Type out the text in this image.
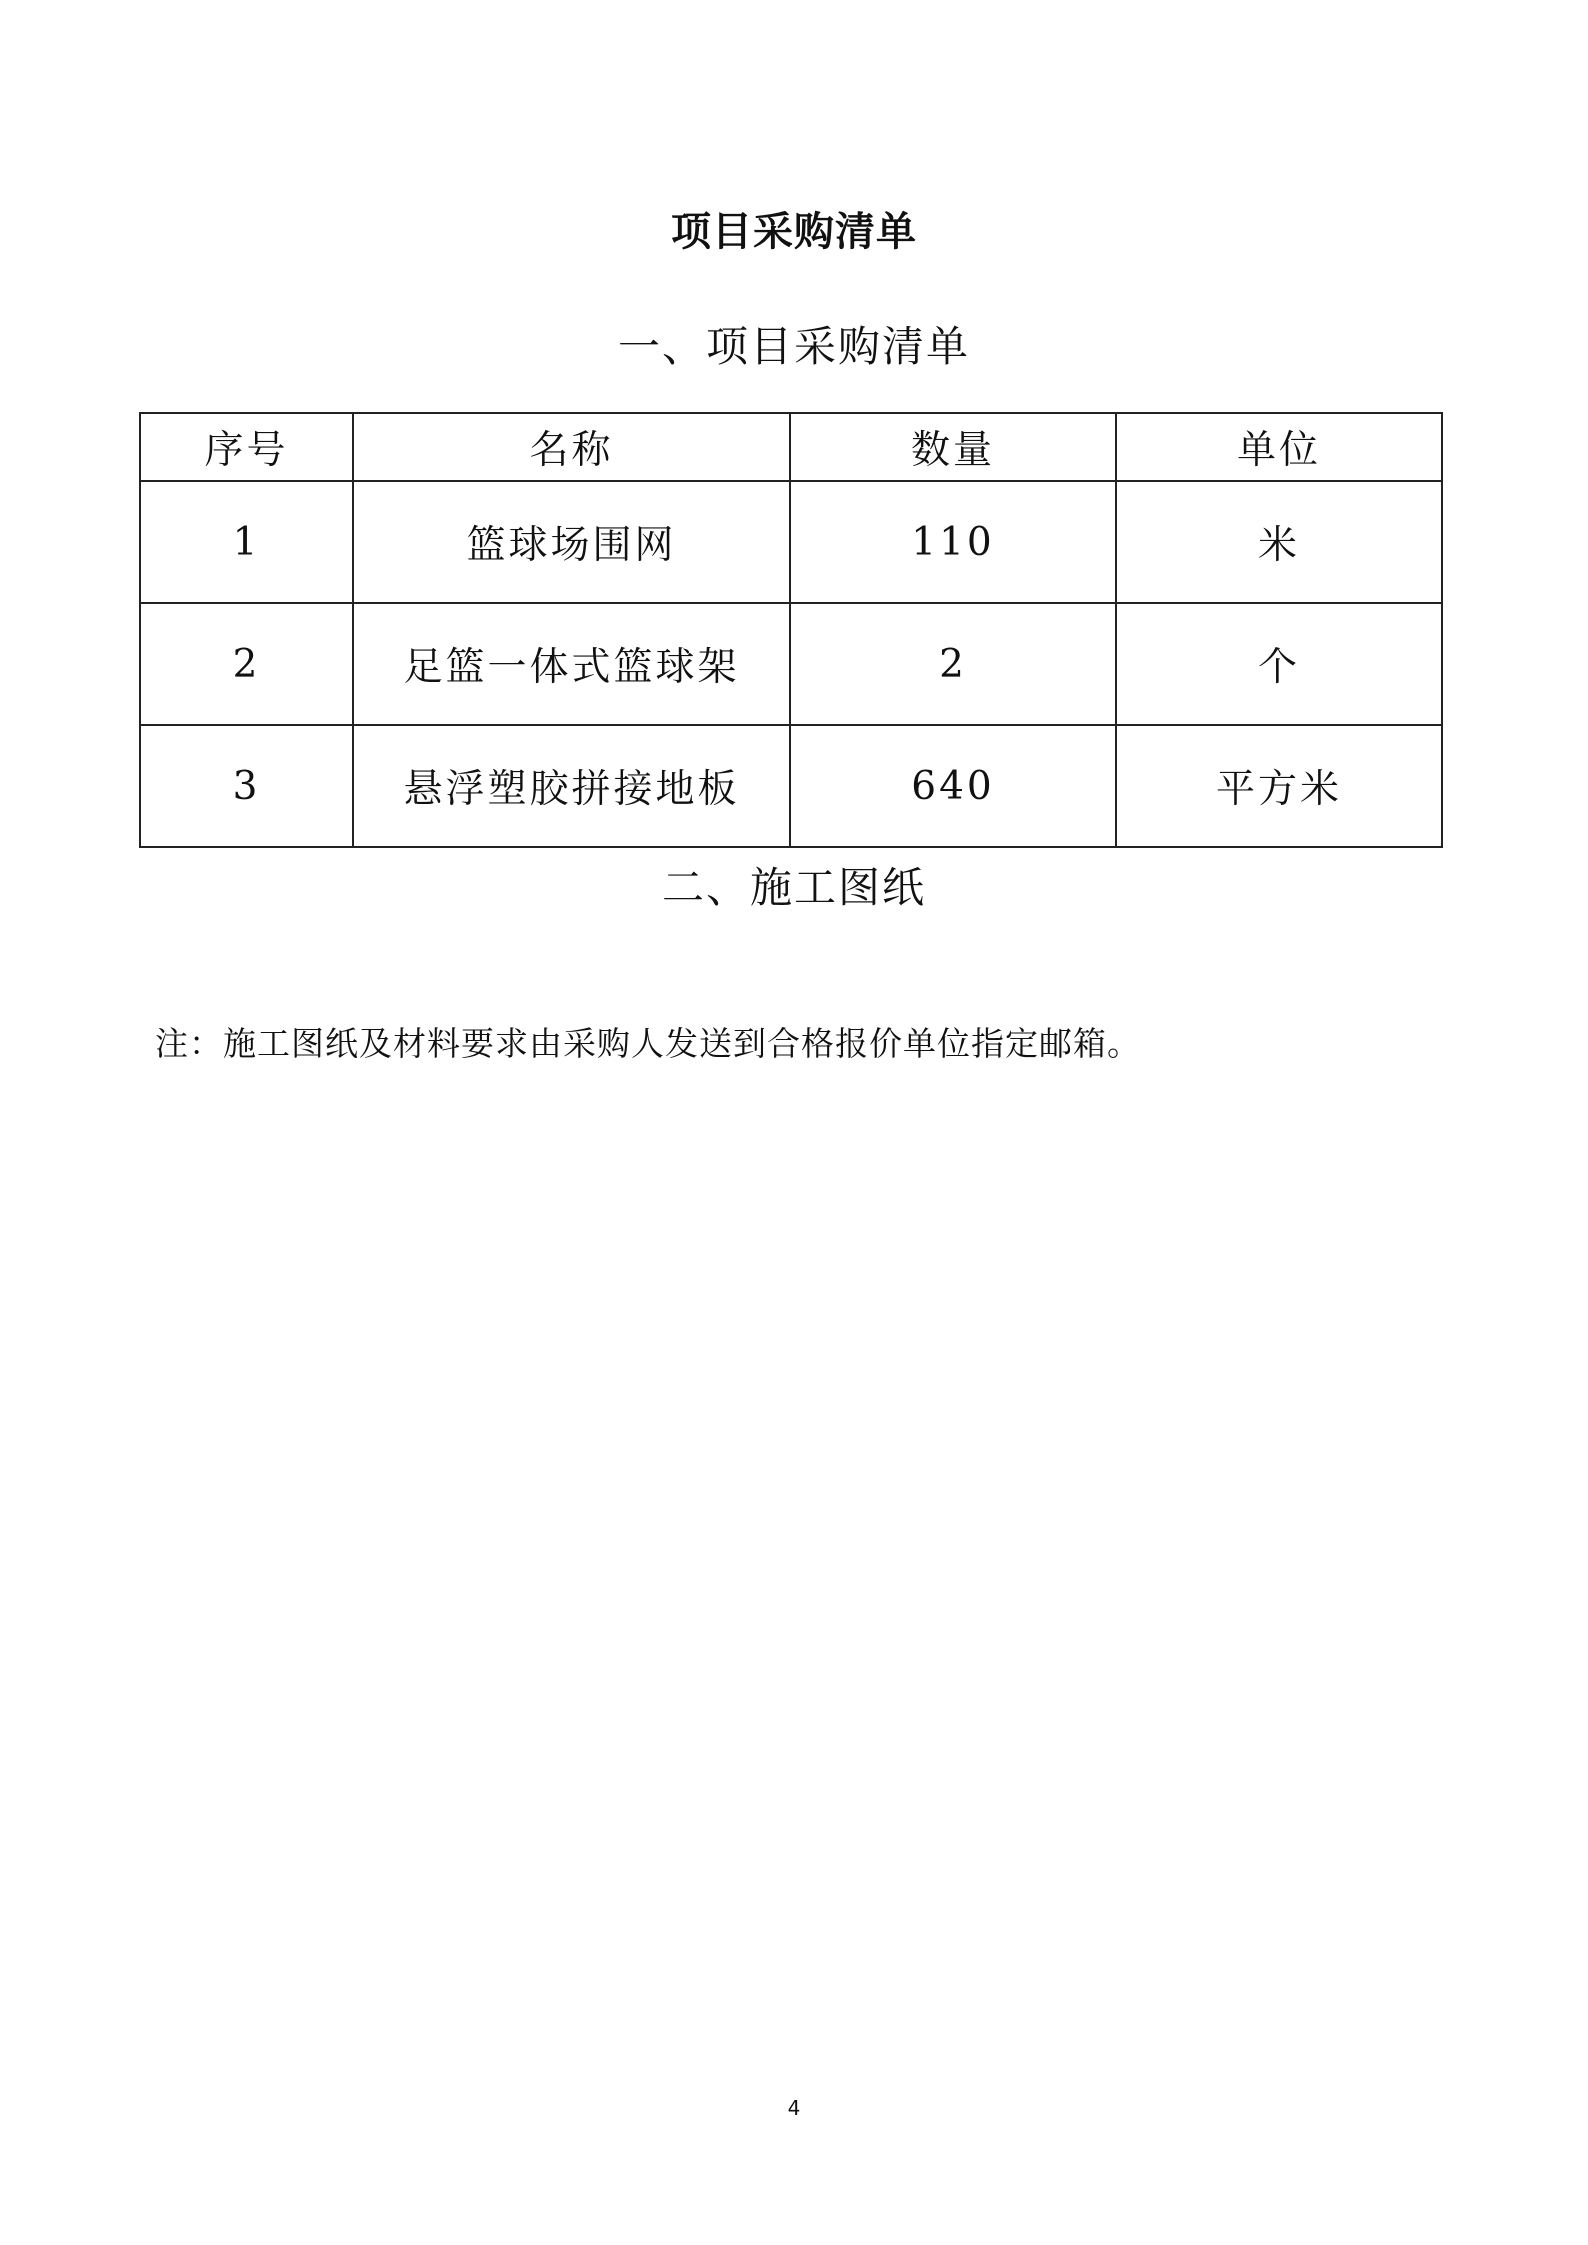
项目采购清单
一、项目采购清单
序号	名称	数量	单位
1	篮球场围网	110	米
2	足篮一体式篮球架	2	个
3	悬浮塑胶拼接地板	640	平方米
二、施工图纸
注：施工图纸及材料要求由采购人发送到合格报价单位指定邮箱。
4
